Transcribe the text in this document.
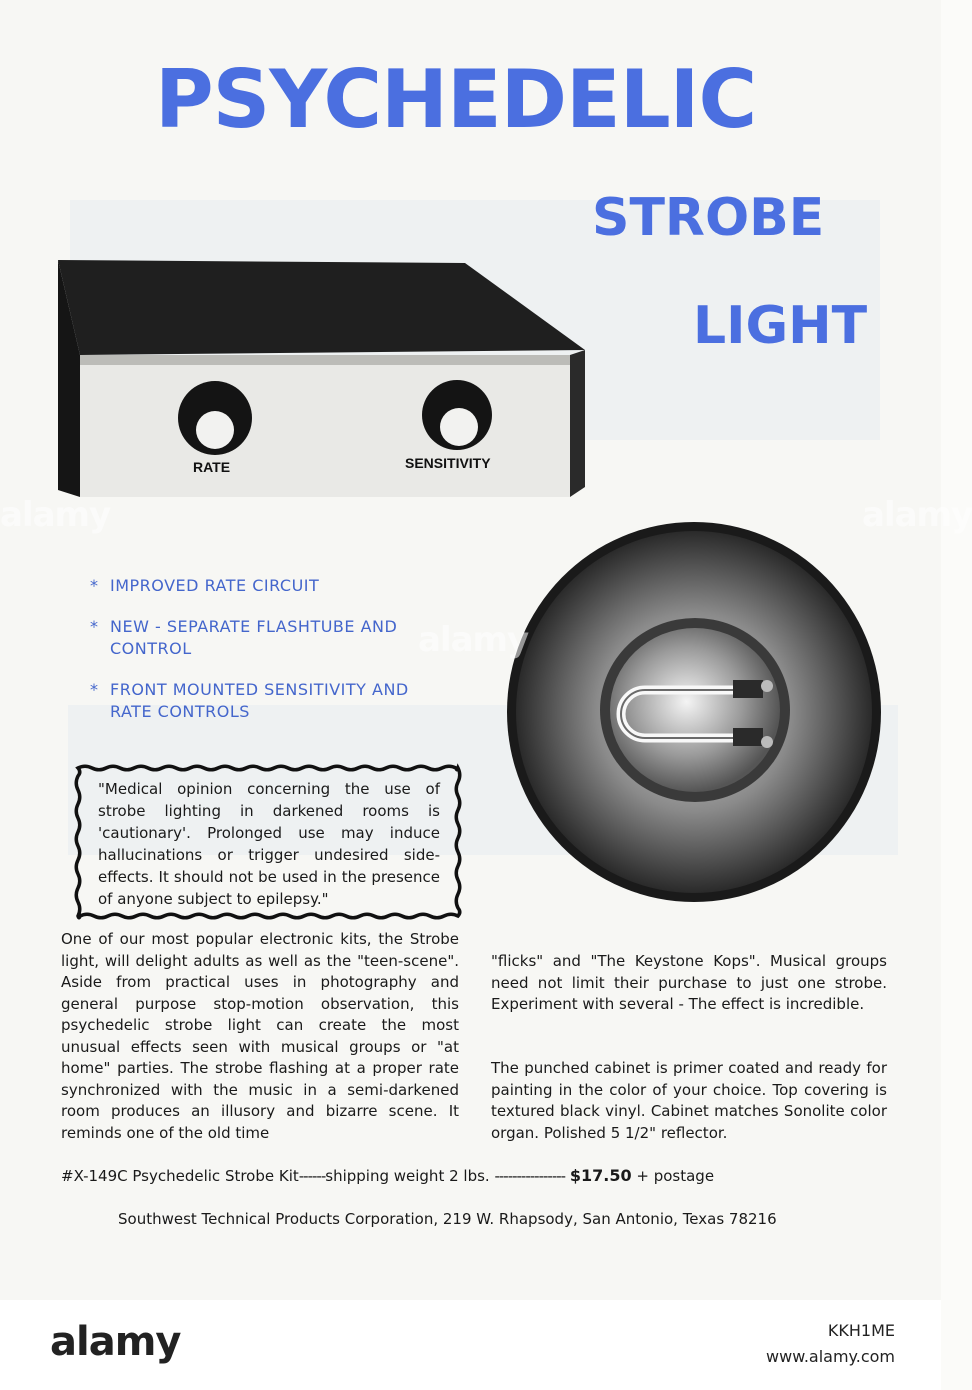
PSYCHEDELIC
STROBE
LIGHT
RATE	SENSITIVITY
* IMPROVED RATE CIRCUIT
* NEW - SEPARATE FLASHTUBE AND CONTROL
* FRONT MOUNTED SENSITIVITY AND RATE CONTROLS

"Medical opinion concerning the use of strobe lighting in darkened rooms is 'cautionary'. Prolonged use may induce hallucinations or trigger undesired side-effects. It should not be used in the presence of anyone subject to epilepsy."

One of our most popular electronic kits, the Strobe light, will delight adults as well as the "teen-scene". Aside from practical uses in photography and general purpose stop-motion observation, this psychedelic strobe light can create the most unusual effects seen with musical groups or "at home" parties. The strobe flashing at a proper rate synchronized with the music in a semi-darkened room produces an illusory and bizarre scene. It reminds one of the old time

"flicks" and "The Keystone Kops". Musical groups need not limit their purchase to just one strobe. Experiment with several - The effect is incredible.

The punched cabinet is primer coated and ready for painting in the color of your choice. Top covering is textured black vinyl. Cabinet matches Sonolite color organ. Polished 5 1/2" reflector.

#X-149C Psychedelic Strobe Kit------shipping weight 2 lbs. ---------------- $17.50 + postage

Southwest Technical Products Corporation, 219 W. Rhapsody, San Antonio, Texas 78216

alamy
alamy	alamy
alamy	KKH1ME
www.alamy.com
